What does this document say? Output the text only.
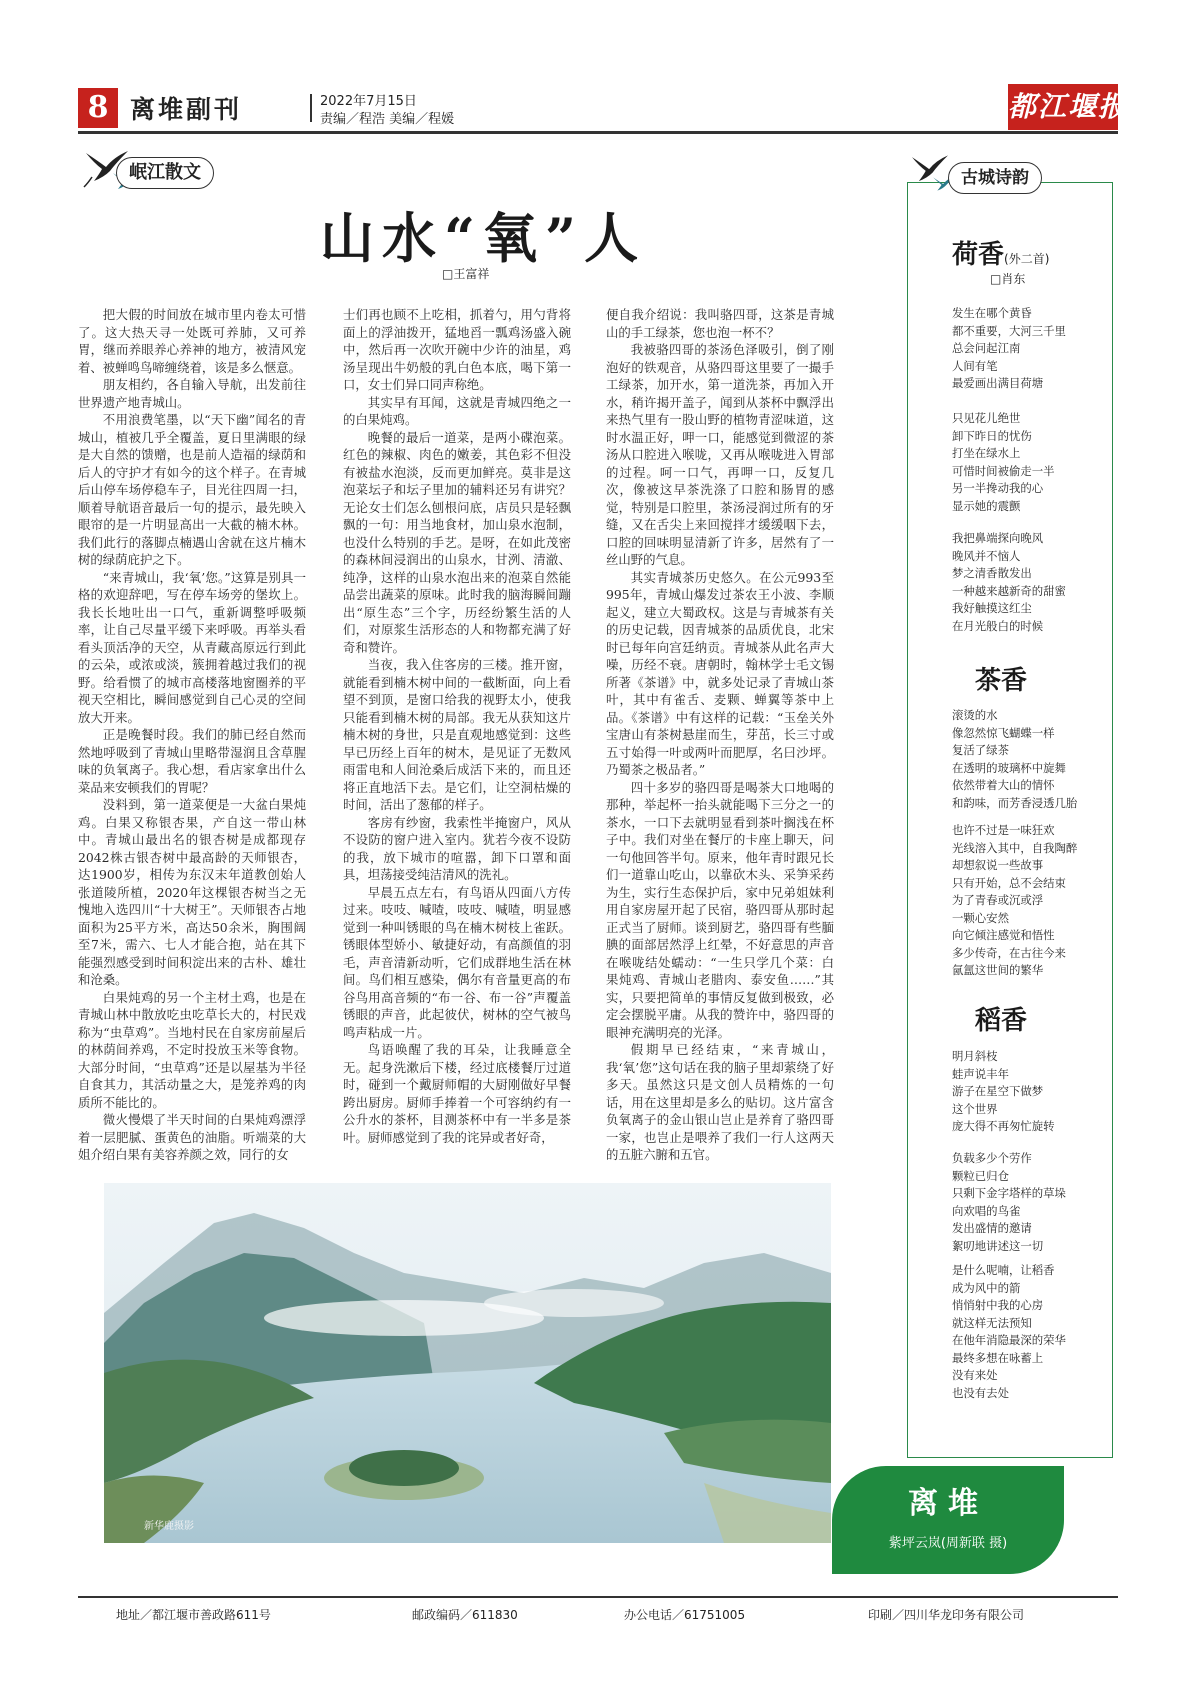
8 离堆副刊	2022年7月15日
责编／程浩 美编／程媛	都江堰报
岷江散文
山水“氧”人
□王富祥

把大假的时间放在城市里内卷太可惜了。这大热天寻一处既可养肺，又可养胃，继而养眼养心养神的地方，被清风宠着、被蝉鸣鸟啼缠绕着，该是多么惬意。

朋友相约，各自输入导航，出发前往世界遗产地青城山。

不用浪费笔墨，以“天下幽”闻名的青城山，植被几乎全覆盖，夏日里满眼的绿是大自然的馈赠，也是前人造福的绿荫和后人的守护才有如今的这个样子。在青城后山停车场停稳车子，目光往四周一扫，顺着导航语音最后一句的提示，最先映入眼帘的是一片明显高出一大截的楠木林。我们此行的落脚点楠遇山舍就在这片楠木树的绿荫庇护之下。

“来青城山，我‘氧’您。”这算是别具一格的欢迎辞吧，写在停车场旁的堡坎上。我长长地吐出一口气，重新调整呼吸频率，让自己尽量平缓下来呼吸。再举头看看头顶活净的天空，从青藏高原远行到此的云朵，或浓或淡，簇拥着越过我们的视野。给看惯了的城市高楼落地窗圈养的平视天空相比，瞬间感觉到自己心灵的空间放大开来。

正是晚餐时段。我们的肺已经自然而然地呼吸到了青城山里略带湿润且含草腥味的负氧离子。我心想，看店家拿出什么菜品来安顿我们的胃呢？

没料到，第一道菜便是一大盆白果炖鸡。白果又称银杏果，产自这一带山林中。青城山最出名的银杏树是成都现存2042株古银杏树中最高龄的天师银杏，达1900岁，相传为东汉末年道教创始人张道陵所植，2020年这棵银杏树当之无愧地入选四川“十大树王”。天师银杏占地面积为25平方米，高达50余米，胸围阔至7米，需六、七人才能合抱，站在其下能强烈感受到时间积淀出来的古朴、雄壮和沧桑。

白果炖鸡的另一个主材土鸡，也是在青城山林中散放吃虫吃草长大的，村民戏称为“虫草鸡”。当地村民在自家房前屋后的林荫间养鸡，不定时投放玉米等食物。大部分时间，“虫草鸡”还是以屋基为半径自食其力，其活动量之大，是笼养鸡的肉质所不能比的。

微火慢煨了半天时间的白果炖鸡漂浮着一层肥腻、蛋黄色的油脂。听端菜的大姐介绍白果有美容养颜之效，同行的女

士们再也顾不上吃相，抓着勺，用勺背将面上的浮油拨开，猛地舀一瓢鸡汤盛入碗中，然后再一次吹开碗中少许的油星，鸡汤呈现出牛奶般的乳白色本底，喝下第一口，女士们异口同声称绝。

其实早有耳闻，这就是青城四绝之一的白果炖鸡。

晚餐的最后一道菜，是两小碟泡菜。红色的辣椒、肉色的嫩姜，其色彩不但没有被盐水泡淡，反而更加鲜亮。莫非是这泡菜坛子和坛子里加的辅料还另有讲究？无论女士们怎么刨根问底，店员只是轻飘飘的一句：用当地食材，加山泉水泡制，也没什么特别的手艺。是呀，在如此茂密的森林间浸润出的山泉水，甘洌、清澈、纯净，这样的山泉水泡出来的泡菜自然能品尝出蔬菜的原味。此时我的脑海瞬间蹦出“原生态”三个字，历经纷繁生活的人们，对原浆生活形态的人和物都充满了好奇和赞许。

当夜，我入住客房的三楼。推开窗，就能看到楠木树中间的一截断面，向上看望不到顶，是窗口给我的视野太小，使我只能看到楠木树的局部。我无从获知这片楠木树的身世，只是直观地感觉到：这些早已历经上百年的树木，是见证了无数风雨雷电和人间沧桑后成活下来的，而且还将正直地活下去。是它们，让空洞枯燥的时间，活出了葱郁的样子。

客房有纱窗，我索性半掩窗户，风从不设防的窗户进入室内。犹若今夜不设防的我，放下城市的喧嚣，卸下口罩和面具，坦荡接受纯洁清风的洗礼。

早晨五点左右，有鸟语从四面八方传过来。吱吱、喊喳，吱吱、喊喳，明显感觉到一种叫锈眼的鸟在楠木树枝上雀跃。锈眼体型娇小、敏捷好动，有高颜值的羽毛，声音清新动听，它们成群地生活在林间。鸟们相互感染，偶尔有音量更高的布谷鸟用高音频的“布一谷、布一谷”声覆盖锈眼的声音，此起彼伏，树林的空气被鸟鸣声粘成一片。

鸟语唤醒了我的耳朵，让我睡意全无。起身洗漱后下楼，经过底楼餐厅过道时，碰到一个戴厨师帽的大厨刚做好早餐跨出厨房。厨师手捧着一个可容纳约有一公升水的茶杯，目测茶杯中有一半多是茶叶。厨师感觉到了我的诧异或者好奇，

便自我介绍说：我叫骆四哥，这茶是青城山的手工绿茶，您也泡一杯不？

我被骆四哥的茶汤色泽吸引，倒了刚泡好的铁观音，从骆四哥这里要了一撮手工绿茶，加开水，第一道洗茶，再加入开水，稍许揭开盖子，闻到从茶杯中飘浮出来热气里有一股山野的植物青涩味道，这时水温正好，呷一口，能感觉到微涩的茶汤从口腔进入喉咙，又再从喉咙进入胃部的过程。呵一口气，再呷一口，反复几次，像被这早茶洗涤了口腔和肠胃的感觉，特别是口腔里，茶汤浸润过所有的牙缝，又在舌尖上来回搅拌才缓缓咽下去，口腔的回味明显清新了许多，居然有了一丝山野的气息。

其实青城茶历史悠久。在公元993至995年，青城山爆发过茶农王小波、李顺起义，建立大蜀政权。这是与青城茶有关的历史记载，因青城茶的品质优良，北宋时已每年向宫廷纳贡。青城茶从此名声大噪，历经不衰。唐朝时，翰林学士毛文锡所著《茶谱》中，就多处记录了青城山茶叶，其中有雀舌、麦颗、蝉翼等茶中上品。《茶谱》中有这样的记载：“玉垒关外宝唐山有茶树悬崖而生，芽茁，长三寸或五寸始得一叶或两叶而肥厚，名曰沙坪。乃蜀茶之极品者。”

四十多岁的骆四哥是喝茶大口地喝的那种，举起杯一抬头就能喝下三分之一的茶水，一口下去就明显看到茶叶搁浅在杯子中。我们对坐在餐厅的卡座上聊天，问一句他回答半句。原来，他年青时跟兄长们一道靠山吃山，以靠砍木头、采笋采药为生，实行生态保护后，家中兄弟姐妹利用自家房屋开起了民宿，骆四哥从那时起正式当了厨师。谈到厨艺，骆四哥有些腼腆的面部居然浮上红晕，不好意思的声音在喉咙结处蠕动：“一生只学几个菜：白果炖鸡、青城山老腊肉、泰安鱼……”其实，只要把简单的事情反复做到极致，必定会摆脱平庸。从我的赞许中，骆四哥的眼神充满明亮的光泽。

假期早已经结束，“来青城山，我‘氧’您”这句话在我的脑子里却萦绕了好多天。虽然这只是文创人员精炼的一句话，用在这里却是多么的贴切。这片富含负氧离子的金山银山岂止是养育了骆四哥一家，也岂止是喂养了我们一行人这两天的五脏六腑和五官。

新华鹿摄影
离堆
紫坪云岚(周新联 摄)
古城诗韵
荷香(外二首)
□肖东
发生在哪个黄昏
都不重要，大河三千里
总会问起江南
人间有笔
最爱画出满目荷塘
只见花儿绝世
卸下昨日的忧伤
打坐在绿水上
可惜时间被偷走一半
另一半搀动我的心
显示她的震颤
我把鼻端探向晚风
晚风并不恼人
梦之清香散发出
一种越来越新奇的甜蜜
我好触摸这红尘
在月光般白的时候
茶香
滚烫的水
像忽然惊飞蝴蝶一样
复活了绿茶
在透明的玻璃杯中旋舞
依然带着大山的情怀
和韵味，而芳香浸透几胎
也许不过是一味狂欢
光线溶入其中，自我陶醉
却想叙说一些故事
只有开始，总不会结束
为了青春或沉或浮
一颗心安然
向它倾注感觉和悟性
多少传奇，在古往今来
氤氲这世间的繁华
稻香
明月斜枝
蛙声说丰年
游子在星空下做梦
这个世界
庞大得不再匆忙旋转
负载多少个劳作
颗粒已归仓
只剩下金字塔样的草垛
向欢唱的鸟雀
发出盛情的邀请
絮叨地讲述这一切
是什么呢喃，让稻香
成为风中的箭
悄悄射中我的心房
就这样无法预知
在他年消隐最深的荣华
最终多想在咏蓄上
没有来处
也没有去处
地址／都江堰市善政路611号	邮政编码／611830	办公电话／61751005	印刷／四川华龙印务有限公司
